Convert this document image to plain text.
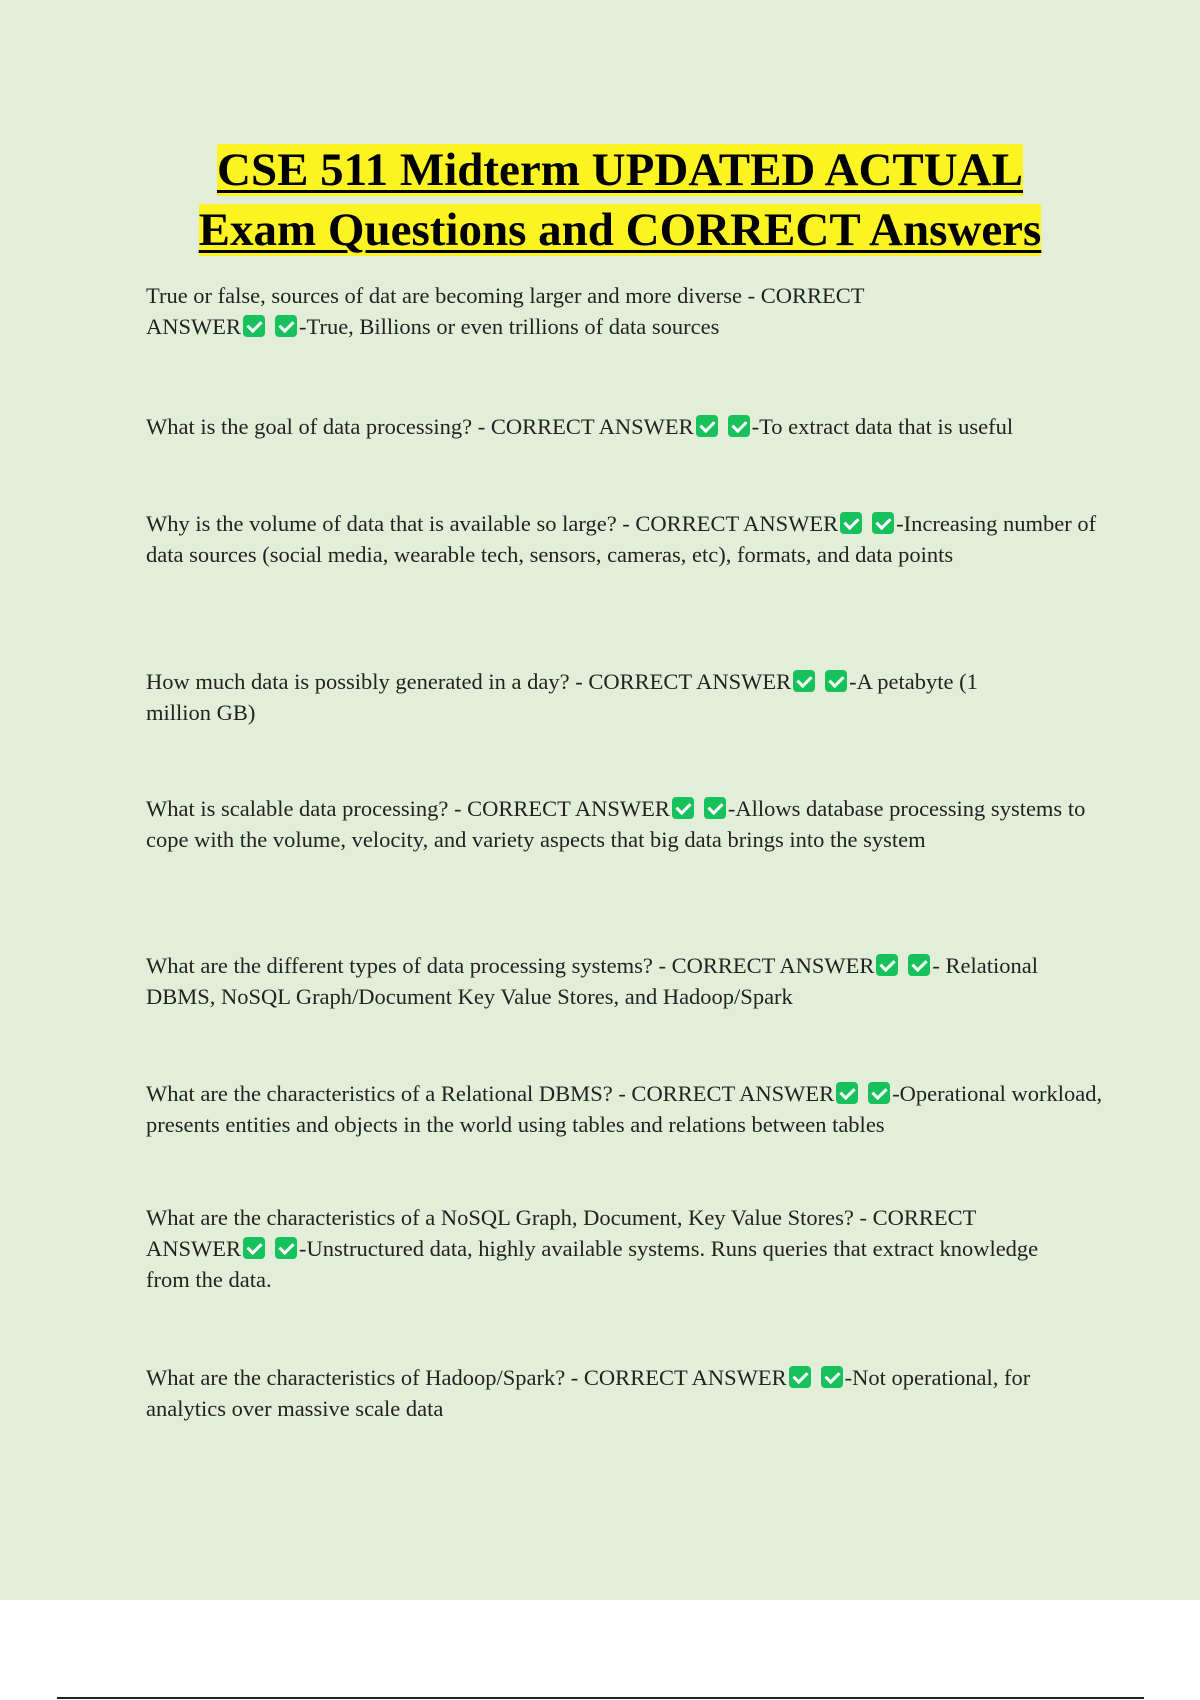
CSE 511 Midterm UPDATED ACTUAL
Exam Questions and CORRECT Answers

True or false, sources of dat are becoming larger and more diverse - CORRECT ANSWER	-True, Billions or even trillions of data sources

What is the goal of data processing? - CORRECT ANSWER	-To extract data that is useful

Why is the volume of data that is available so large? - CORRECT ANSWER	-Increasing number of data sources (social media, wearable tech, sensors, cameras, etc), formats, and data points

How much data is possibly generated in a day? - CORRECT ANSWER	-A petabyte (1 million GB)

What is scalable data processing? - CORRECT ANSWER	-Allows database processing systems to cope with the volume, velocity, and variety aspects that big data brings into the system

What are the different types of data processing systems? - CORRECT ANSWER	- Relational DBMS, NoSQL Graph/Document Key Value Stores, and Hadoop/Spark

What are the characteristics of a Relational DBMS? - CORRECT ANSWER	-Operational workload, presents entities and objects in the world using tables and relations between tables

What are the characteristics of a NoSQL Graph, Document, Key Value Stores? - CORRECT ANSWER	-Unstructured data, highly available systems. Runs queries that extract knowledge from the data.

What are the characteristics of Hadoop/Spark? - CORRECT ANSWER	-Not operational, for analytics over massive scale data
